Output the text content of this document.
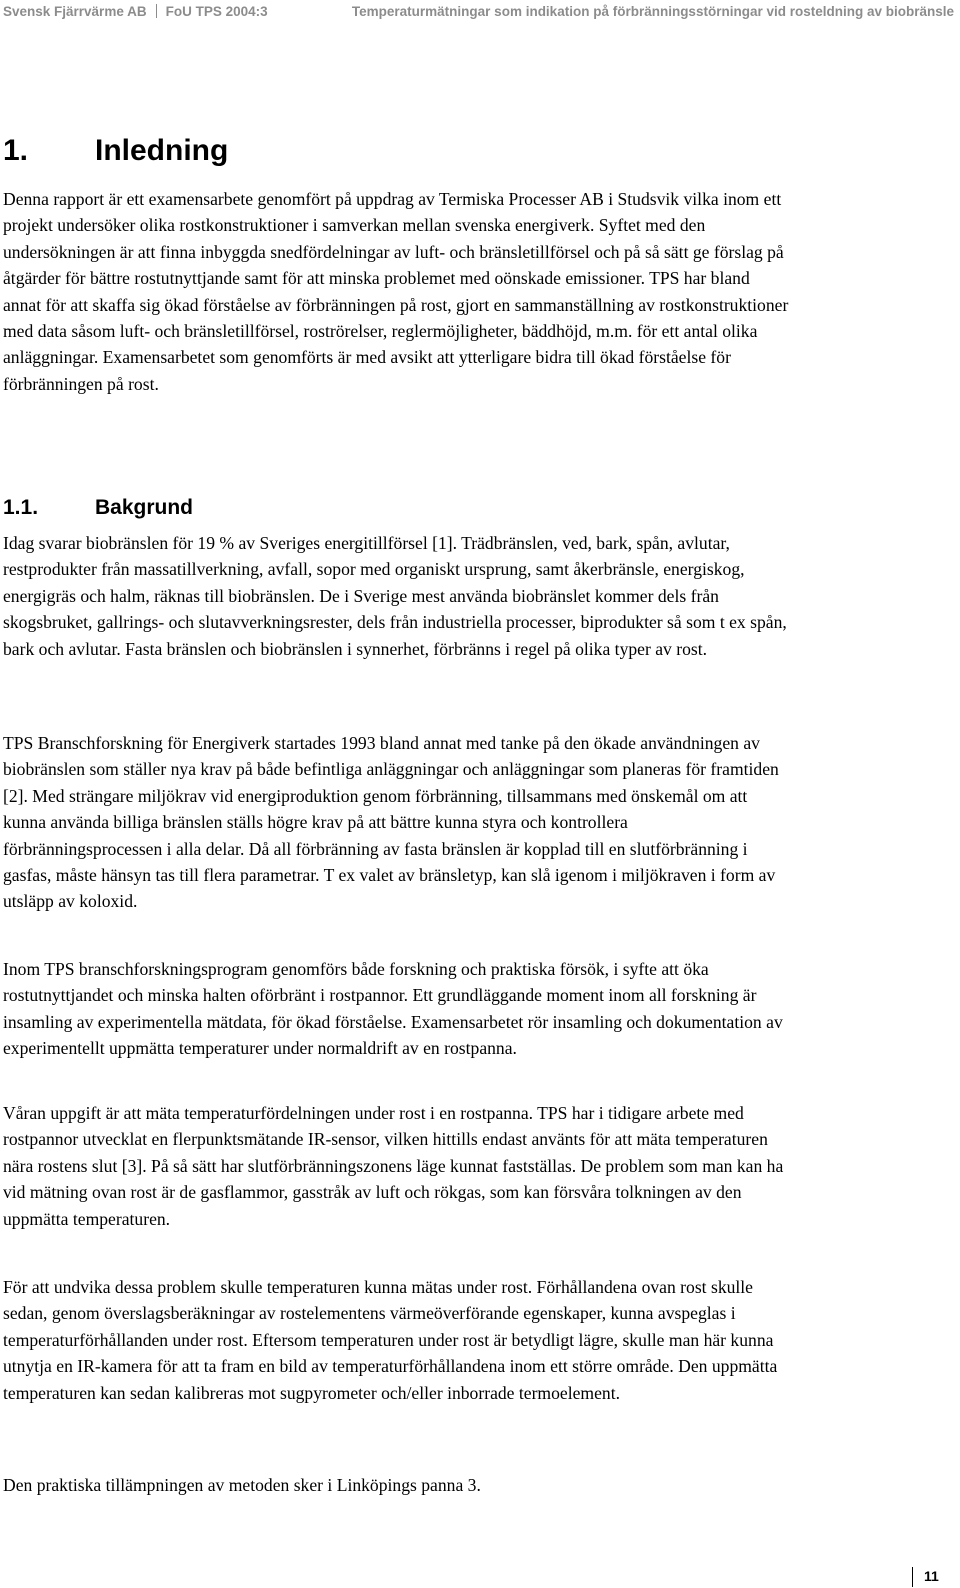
Svensk Fjärrvärme AB FoU TPS 2004:3	Temperaturmätningar som indikation på förbränningsstörningar vid rosteldning av biobränsle
1. Inledning

Denna rapport är ett examensarbete genomfört på uppdrag av Termiska Processer AB i Studsvik vilka inom ett projekt undersöker olika rostkonstruktioner i samverkan mellan svenska energiverk. Syftet med den undersökningen är att finna inbyggda snedfördelningar av luft- och bränsletillförsel och på så sätt ge förslag på åtgärder för bättre rostutnyttjande samt för att minska problemet med oönskade emissioner. TPS har bland annat för att skaffa sig ökad förståelse av förbränningen på rost, gjort en sammanställning av rostkonstruktioner med data såsom luft- och bränsletillförsel, roströrelser, reglermöjligheter, bäddhöjd, m.m. för ett antal olika anläggningar. Examensarbetet som genomförts är med avsikt att ytterligare bidra till ökad förståelse för förbränningen på rost.

1.1.	Bakgrund

Idag svarar biobränslen för 19 % av Sveriges energitillförsel [1]. Trädbränslen, ved, bark, spån, avlutar, restprodukter från massatillverkning, avfall, sopor med organiskt ursprung, samt åkerbränsle, energiskog, energigräs och halm, räknas till biobränslen. De i Sverige mest använda biobränslet kommer dels från skogsbruket, gallrings- och slutavverkningsrester, dels från industriella processer, biprodukter så som t ex spån, bark och avlutar. Fasta bränslen och biobränslen i synnerhet, förbränns i regel på olika typer av rost.

TPS Branschforskning för Energiverk startades 1993 bland annat med tanke på den ökade användningen av biobränslen som ställer nya krav på både befintliga anläggningar och anläggningar som planeras för framtiden [2]. Med strängare miljökrav vid energiproduktion genom förbränning, tillsammans med önskemål om att kunna använda billiga bränslen ställs högre krav på att bättre kunna styra och kontrollera förbränningsprocessen i alla delar. Då all förbränning av fasta bränslen är kopplad till en slutförbränning i gasfas, måste hänsyn tas till flera parametrar. T ex valet av bränsletyp, kan slå igenom i miljökraven i form av utsläpp av koloxid.

Inom TPS branschforskningsprogram genomförs både forskning och praktiska försök, i syfte att öka rostutnyttjandet och minska halten oförbränt i rostpannor. Ett grundläggande moment inom all forskning är insamling av experimentella mätdata, för ökad förståelse. Examensarbetet rör insamling och dokumentation av experimentellt uppmätta temperaturer under normaldrift av en rostpanna.

Våran uppgift är att mäta temperaturfördelningen under rost i en rostpanna. TPS har i tidigare arbete med rostpannor utvecklat en flerpunktsmätande IR-sensor, vilken hittills endast använts för att mäta temperaturen nära rostens slut [3]. På så sätt har slutförbränningszonens läge kunnat fastställas. De problem som man kan ha vid mätning ovan rost är de gasflammor, gasstråk av luft och rökgas, som kan försvåra tolkningen av den uppmätta temperaturen.

För att undvika dessa problem skulle temperaturen kunna mätas under rost. Förhållandena ovan rost skulle sedan, genom överslagsberäkningar av rostelementens värmeöverförande egenskaper, kunna avspeglas i temperaturförhållanden under rost. Eftersom temperaturen under rost är betydligt lägre, skulle man här kunna utnytja en IR-kamera för att ta fram en bild av temperaturförhållandena inom ett större område. Den uppmätta temperaturen kan sedan kalibreras mot sugpyrometer och/eller inborrade termoelement.

Den praktiska tillämpningen av metoden sker i Linköpings panna 3.

11
